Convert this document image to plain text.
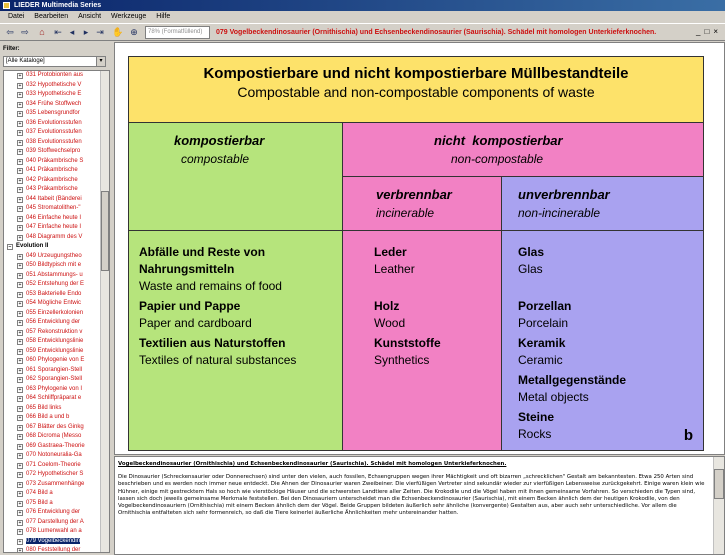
LIEDER Multimedia Series
Datei Bearbeiten Ansicht Werkzeuge Hilfe
⇦ ⇨	⌂	⇤ ◂	▸ ⇥ ✋ ⊕	78% (Formatfüllend)	079 Vogelbeckendinosaurier (Ornithischia) und Echsenbeckendinosaurier (Saurischia). Schädel mit homologen Unterkieferknochen.	_□×
Filter:
[Alle Kataloge]	▾
+ 031 Protobionten aus
+ 032 Hypothetische V
+ 033 Hypothetische E
+ 034 Frühe Stoffwech
+ 035 Lebensgrundfor
+ 036 Evolutionsstufen
+ 037 Evolutionsstufen
+ 038 Evolutionsstufen
+ 039 Stoffwechselpro
+ 040 Präkambrische S
+ 041 Präkambrische
+ 042 Präkambrische
+ 043 Präkambrische
+ 044 Itabeit (Bänderei
+ 045 Stromatolithen-"
+ 046 Einfache heute I
+ 047 Einfache heute I
+ 048 Diagramm des V
− Evolution II
+ 049 Urzeugungstheo
+ 050 Bildtypisch mit e
+ 051 Abstammungs- u
+ 052 Entstehung der E
+ 053 Bakterielle Endo
+ 054 Mögliche Entwic
+ 055 Einzellerkolonien
+ 056 Entwicklung der
+ 057 Rekonstruktion v
+ 058 Entwicklungslinie
+ 059 Entwicklungslinie
+ 060 Phylogenie von E
+ 061 Sporangien-Stell
+ 062 Sporangien-Stell
+ 063 Phylogenie von I
+ 064 Schliffpräparat e
+ 065 Bild links
+ 066 Bild a und b
+ 067 Blätter des Ginkg
+ 068 Dicroma (Messo
+ 069 Gastraea-Theorie
+ 070 Notoneuralia-Ga
+ 071 Coelom-Theorie
+ 072 Hypothetischer S
+ 073 Zusammenhänge
+ 074 Bild a
+ 075 Bild a
+ 076 Entwicklung der
+ 077 Darstellung der A
+ 078 Lumenwahl an a
+ 079 Vogelbeckendin
+ 080 Feststellung der
Kompostierbare und nicht kompostierbare Müllbestandteile
Compostable and non-compostable components of waste
kompostierbar
compostable
nicht  kompostierbar
non-compostable
verbrennbar
incinerable
unverbrennbar
non-incinerable
Abfälle und Reste von
Nahrungsmitteln
Waste and remains of food
Papier und Pappe
Paper and cardboard
Textilien aus Naturstoffen
Textiles of natural substances
Leder
Leather
Holz
Wood
Kunststoffe
Synthetics
Glas
Glas
Porzellan
Porcelain
Keramik
Ceramic
Metallgegenstände
Metal objects
Steine
Rocks	b
Vogelbeckendinosaurier (Ornithischia) und Echsenbeckendinosaurier (Saurischia). Schädel mit homologen Unterkieferknochen.
Die Dinosaurier (Schreckensaurier oder Donnerechsen) sind unter den vielen, auch fossilen, Echsengruppen wegen ihrer Mächtigkeit und oft bizarren „schrecklichen" Gestalt am bekanntesten. Etwa 250 Arten sind beschrieben und es werden noch immer neue entdeckt. Die Ahnen der Dinosaurier waren Zweibeiner. Die vierfüßigen Vertreter sind sekundär wieder zur vierfüßigen Lebensweise zurückgekehrt. Einige waren klein wie Hühner, einige mit gestrecktem Hals so hoch wie vierstöckige Häuser und die schwersten Landtiere aller Zeiten. Die Krokodile und die Vögel haben mit ihnen gemeinsame Vorfahren. So verschieden die Typen sind, lassen sich doch jeweils gemeinsame Merkmale feststellen. Bei den Dinosauriern unterscheidet man die Echsenbeckendinosaurier (Saurischia), mit einem Becken ähnlich dem der heutigen Krokodile, von den Vogelbeckendinosauriern (Ornithischia) mit einem Becken ähnlich dem der Vögel. Beide Gruppen bildeten äußerlich sehr ähnliche (konvergente) Gestalten aus, aber auch sehr unterschiedliche. Vor allem die Ornithischia entfalteten sich sehr formenreich, so daß die Tiere keinerlei äußerliche Ähnlichkeiten mehr untereinander hatten.
